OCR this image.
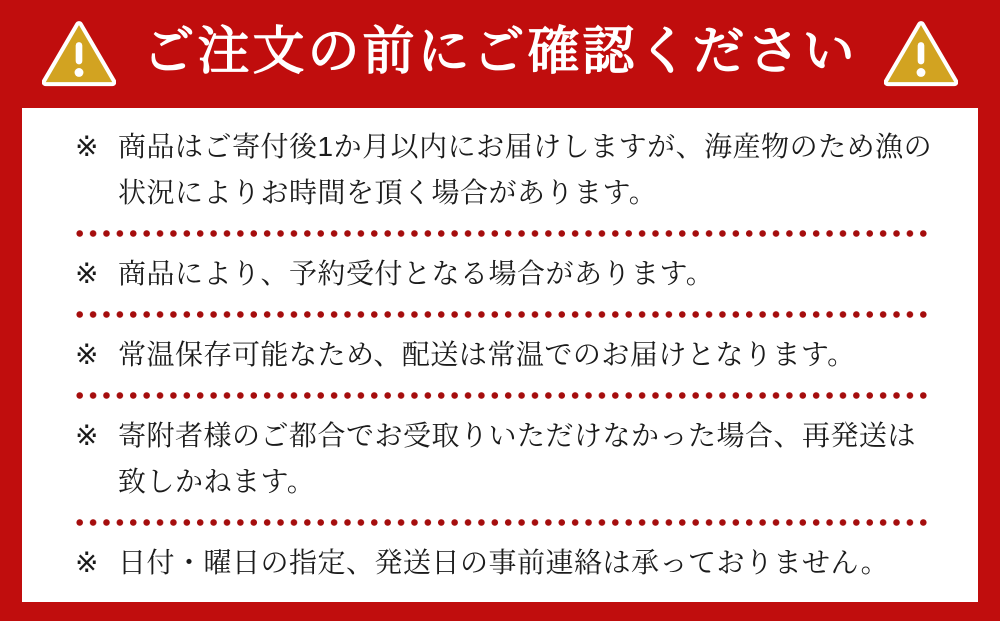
ご注文の前にご確認ください
※ 商品はご寄付後1か月以内にお届けしますが、海産物のため漁の状況によりお時間を頂く場合があります。
※ 商品により、予約受付となる場合があります。
※ 常温保存可能なため、配送は常温でのお届けとなります。
※ 寄附者様のご都合でお受取りいただけなかった場合、再発送は致しかねます。
※ 日付・曜日の指定、発送日の事前連絡は承っておりません。
